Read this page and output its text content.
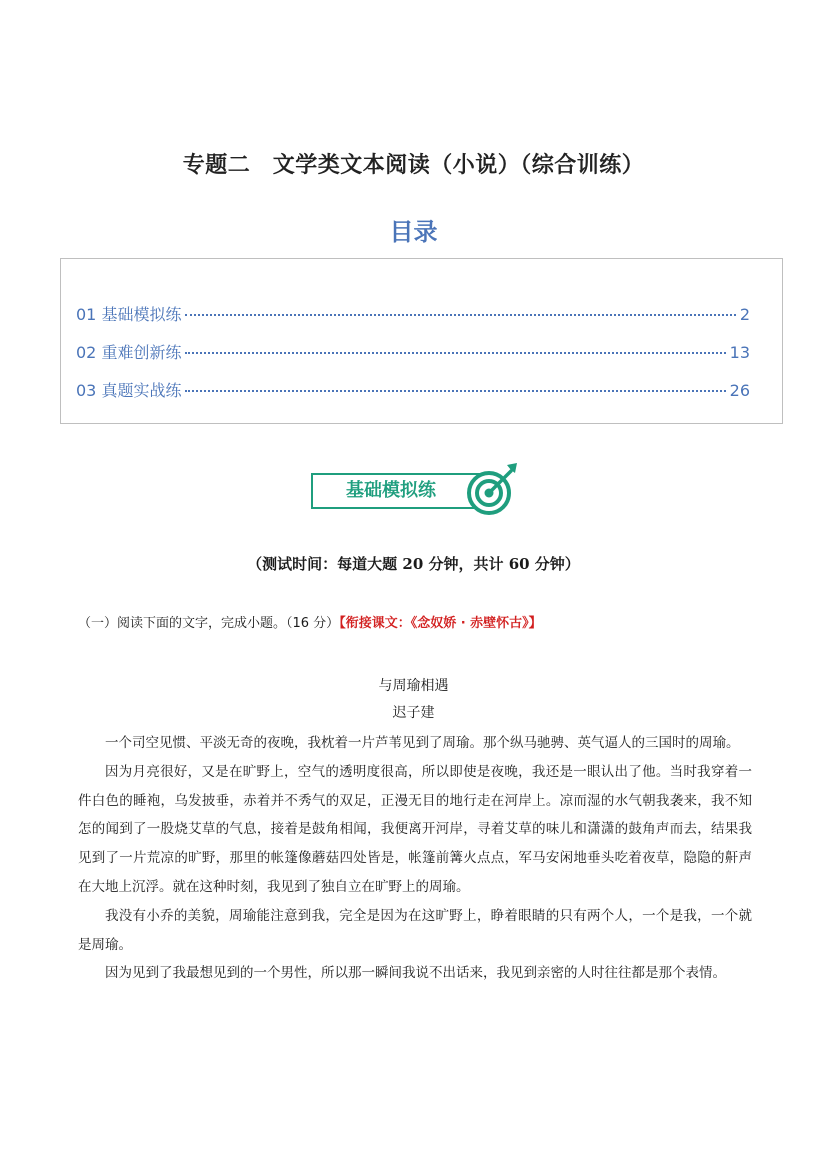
专题二　文学类文本阅读（小说）（综合训练）
目录
01 基础模拟练	2
02 重难创新练	13
03 真题实战练	26
基础模拟练

（测试时间：每道大题 20 分钟，共计 60 分钟）

（一）阅读下面的文字，完成小题。（16 分）【衔接课文：《念奴娇 · 赤壁怀古》】

与周瑜相遇

迟子建

一个司空见惯、平淡无奇的夜晚，我枕着一片芦苇见到了周瑜。那个纵马驰骋、英气逼人的三国时的周瑜。

因为月亮很好，又是在旷野上，空气的透明度很高，所以即使是夜晚，我还是一眼认出了他。当时我穿着一件白色的睡袍，乌发披垂，赤着并不秀气的双足，正漫无目的地行走在河岸上。凉而湿的水气朝我袭来，我不知怎的闻到了一股烧艾草的气息，接着是鼓角相闻，我便离开河岸，寻着艾草的味儿和潇潇的鼓角声而去，结果我见到了一片荒凉的旷野，那里的帐篷像蘑菇四处皆是，帐篷前篝火点点，军马安闲地垂头吃着夜草，隐隐的鼾声在大地上沉浮。就在这种时刻，我见到了独自立在旷野上的周瑜。

我没有小乔的美貌，周瑜能注意到我，完全是因为在这旷野上，睁着眼睛的只有两个人，一个是我，一个就是周瑜。

因为见到了我最想见到的一个男性，所以那一瞬间我说不出话来，我见到亲密的人时往往都是那个表情。
